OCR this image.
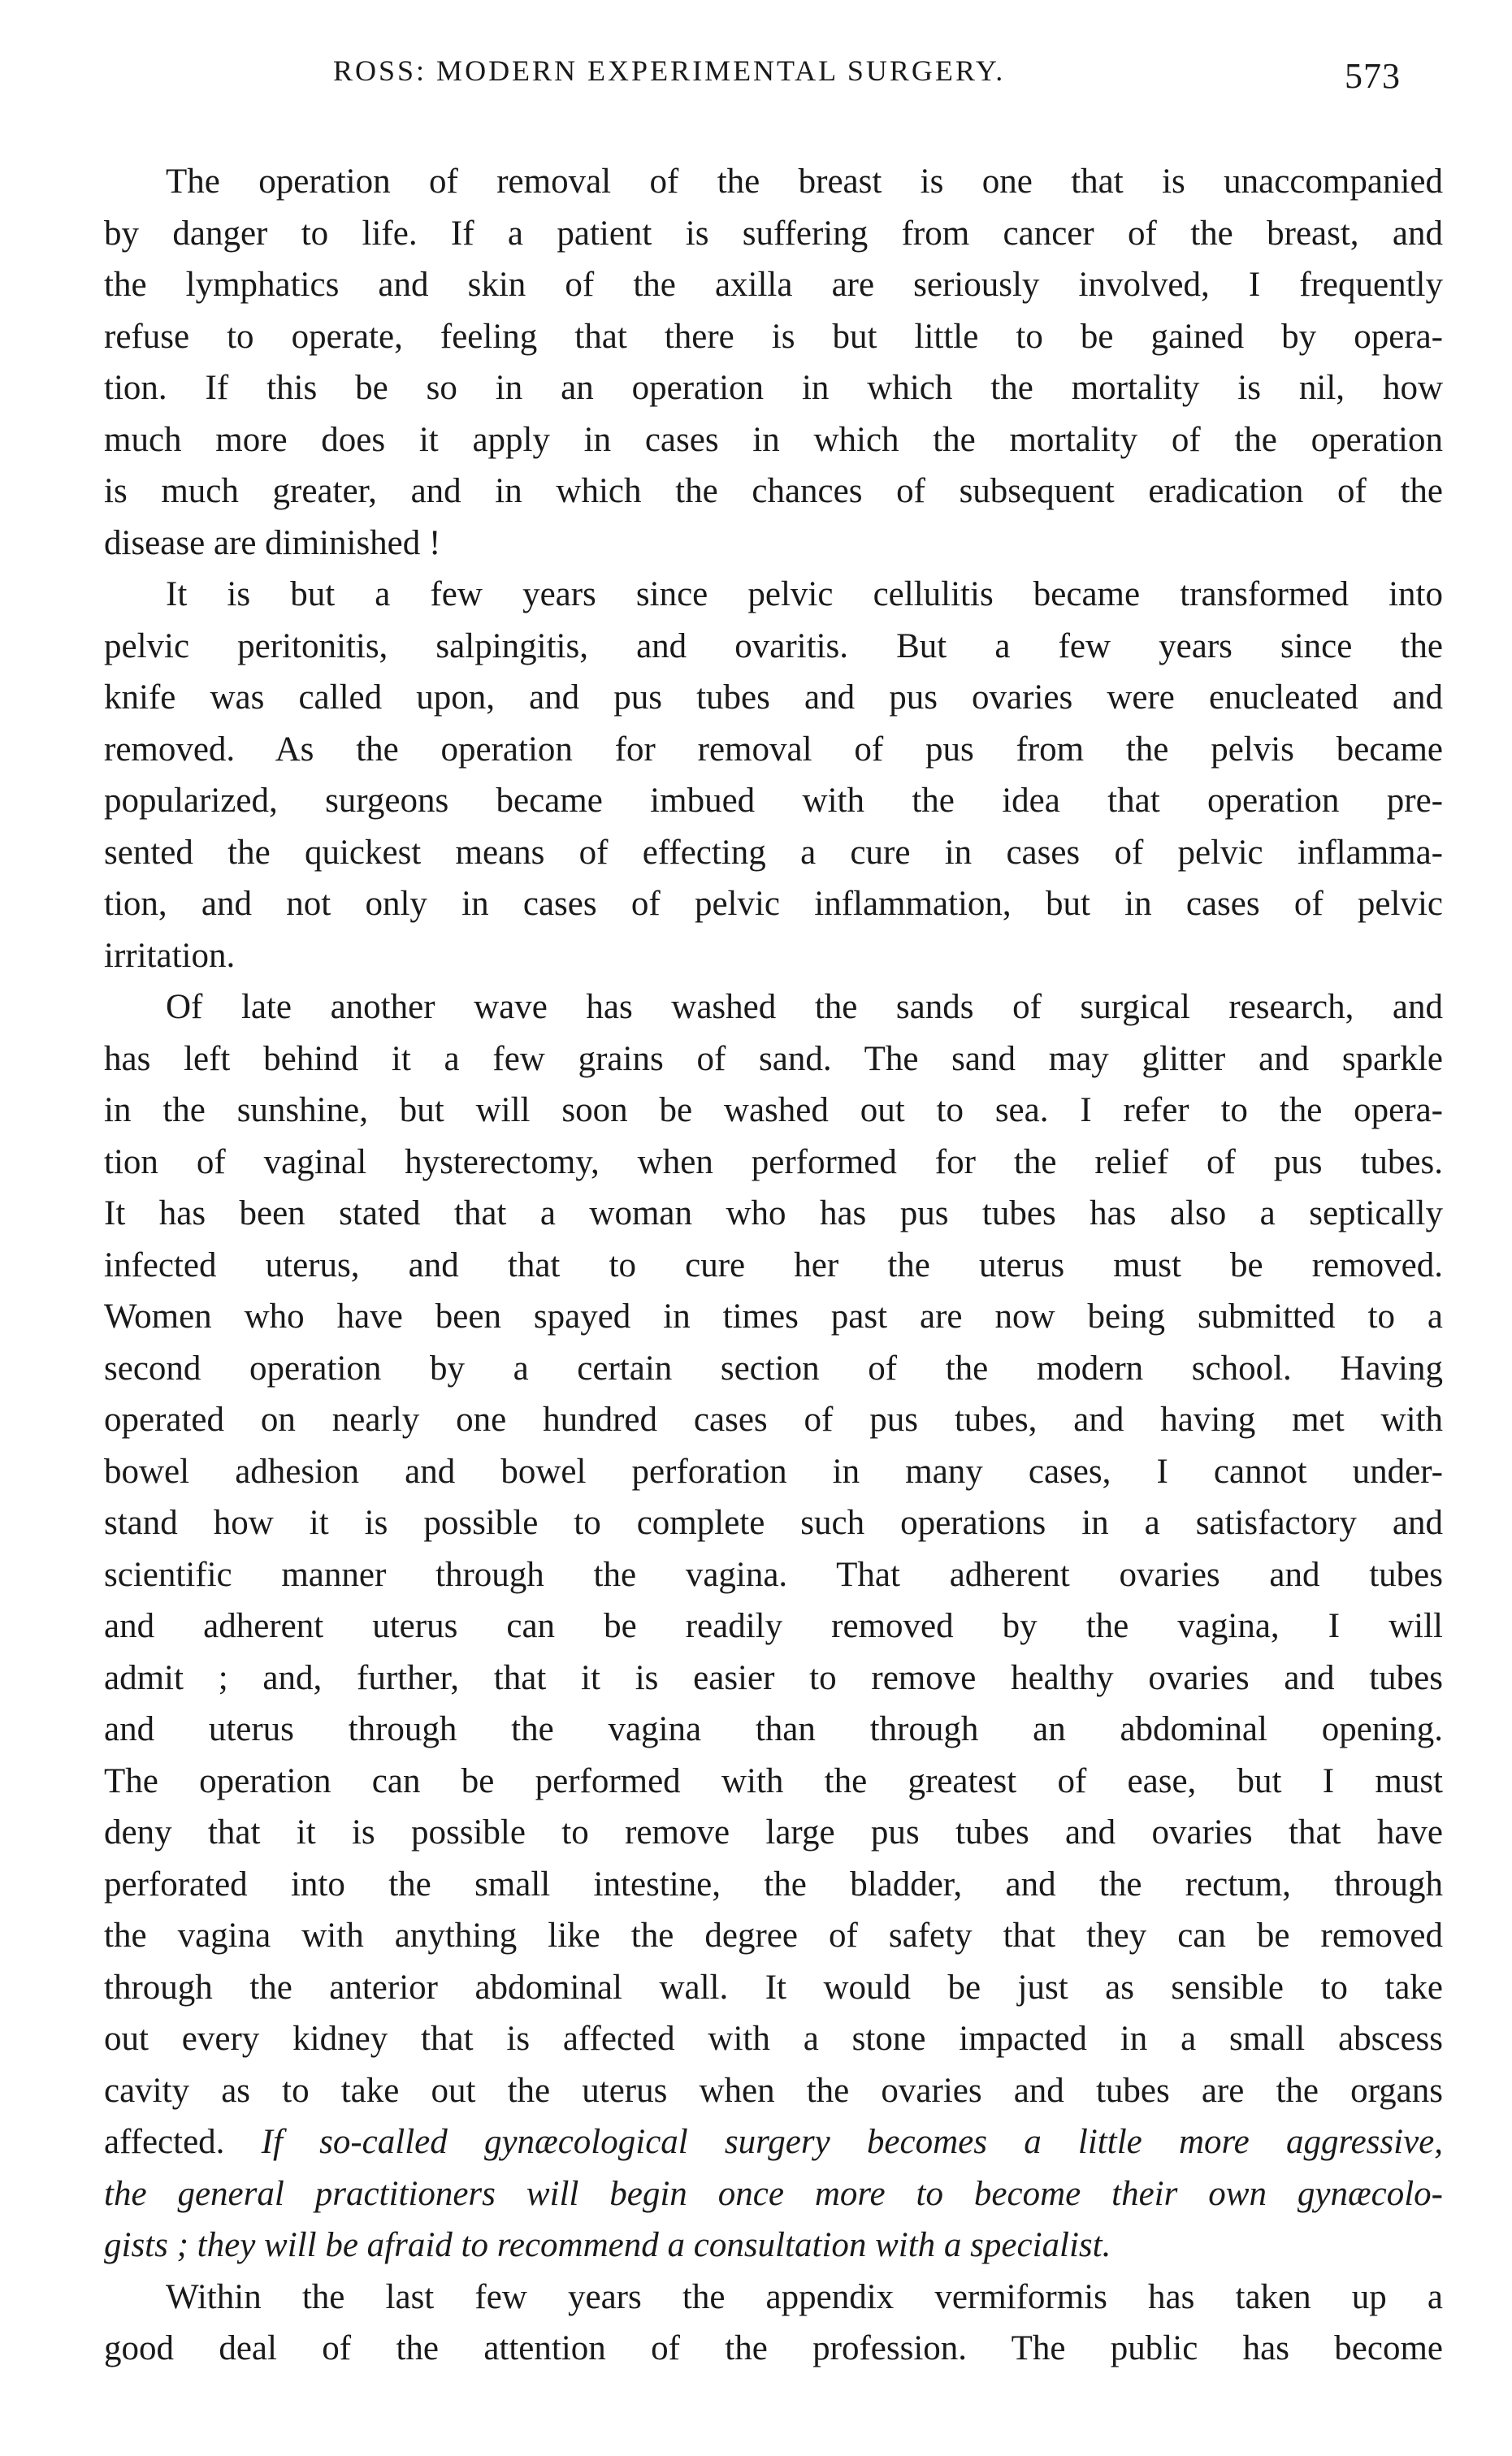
ROSS: MODERN EXPERIMENTAL SURGERY.	573
The operation of removal of the breast is one that is unaccompanied
by danger to life. If a patient is suffering from cancer of the breast, and
the lymphatics and skin of the axilla are seriously involved, I frequently
refuse to operate, feeling that there is but little to be gained by opera-
tion. If this be so in an operation in which the mortality is nil, how
much more does it apply in cases in which the mortality of the operation
is much greater, and in which the chances of subsequent eradication of the
disease are diminished !
It is but a few years since pelvic cellulitis became transformed into
pelvic peritonitis, salpingitis, and ovaritis. But a few years since the
knife was called upon, and pus tubes and pus ovaries were enucleated and
removed. As the operation for removal of pus from the pelvis became
popularized, surgeons became imbued with the idea that operation pre-
sented the quickest means of effecting a cure in cases of pelvic inflamma-
tion, and not only in cases of pelvic inflammation, but in cases of pelvic
irritation.
Of late another wave has washed the sands of surgical research, and
has left behind it a few grains of sand. The sand may glitter and sparkle
in the sunshine, but will soon be washed out to sea. I refer to the opera-
tion of vaginal hysterectomy, when performed for the relief of pus tubes.
It has been stated that a woman who has pus tubes has also a septically
infected uterus, and that to cure her the uterus must be removed.
Women who have been spayed in times past are now being submitted to a
second operation by a certain section of the modern school. Having
operated on nearly one hundred cases of pus tubes, and having met with
bowel adhesion and bowel perforation in many cases, I cannot under-
stand how it is possible to complete such operations in a satisfactory and
scientific manner through the vagina. That adherent ovaries and tubes
and adherent uterus can be readily removed by the vagina, I will
admit ; and, further, that it is easier to remove healthy ovaries and tubes
and uterus through the vagina than through an abdominal opening.
The operation can be performed with the greatest of ease, but I must
deny that it is possible to remove large pus tubes and ovaries that have
perforated into the small intestine, the bladder, and the rectum, through
the vagina with anything like the degree of safety that they can be removed
through the anterior abdominal wall. It would be just as sensible to take
out every kidney that is affected with a stone impacted in a small abscess
cavity as to take out the uterus when the ovaries and tubes are the organs
affected. If so-called gynæcological surgery becomes a little more aggressive,
the general practitioners will begin once more to become their own gynæcolo-
gists ; they will be afraid to recommend a consultation with a specialist.
Within the last few years the appendix vermiformis has taken up a
good deal of the attention of the profession. The public has become
